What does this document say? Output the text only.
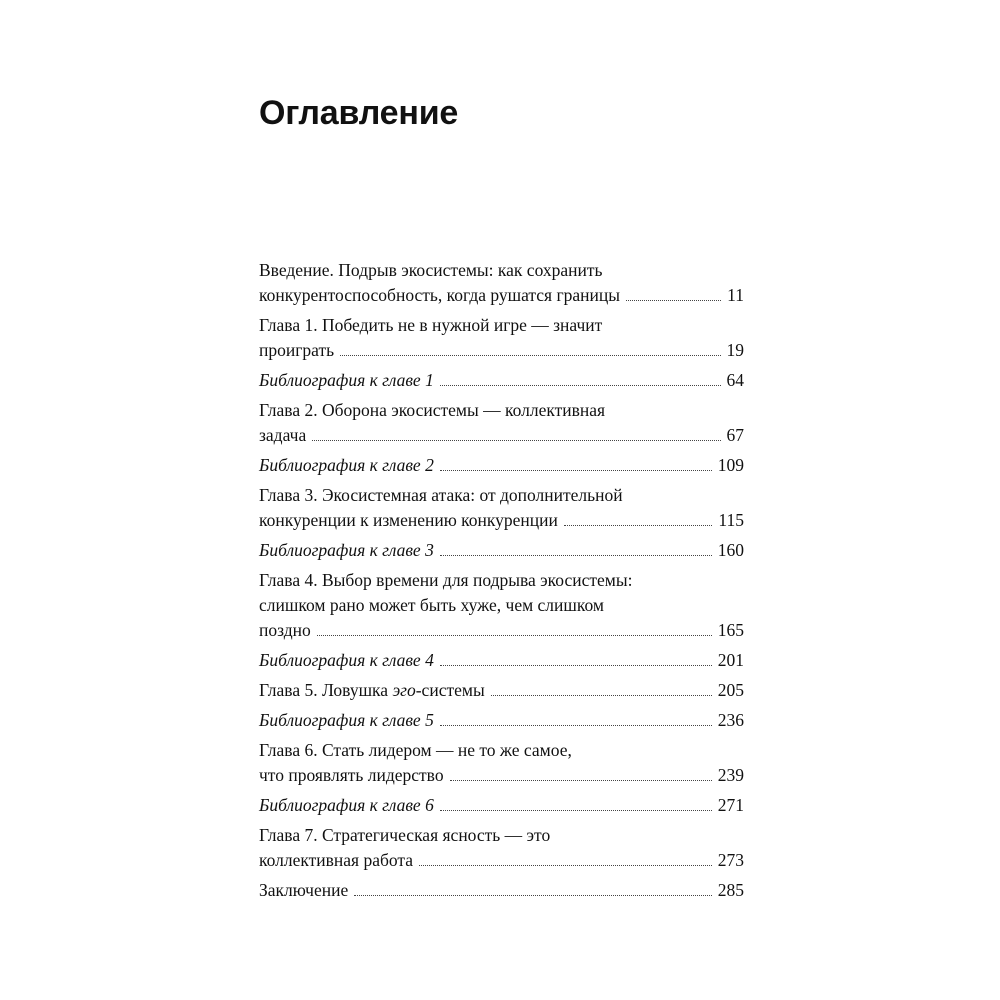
Оглавление
Введение. Подрыв экосистемы: как сохранить
конкурентоспособность, когда рушатся границы	11
Глава 1. Победить не в нужной игре — значит
проиграть	19
Библиография к главе 1	64
Глава 2. Оборона экосистемы — коллективная
задача	67
Библиография к главе 2	109
Глава 3. Экосистемная атака: от дополнительной
конкуренции к изменению конкуренции	115
Библиография к главе 3	160
Глава 4. Выбор времени для подрыва экосистемы:
слишком рано может быть хуже, чем слишком
поздно	165
Библиография к главе 4	201
Глава 5. Ловушка эго-системы	205
Библиография к главе 5	236
Глава 6. Стать лидером — не то же самое,
что проявлять лидерство	239
Библиография к главе 6	271
Глава 7. Стратегическая ясность — это
коллективная работа	273
Заключение	285
